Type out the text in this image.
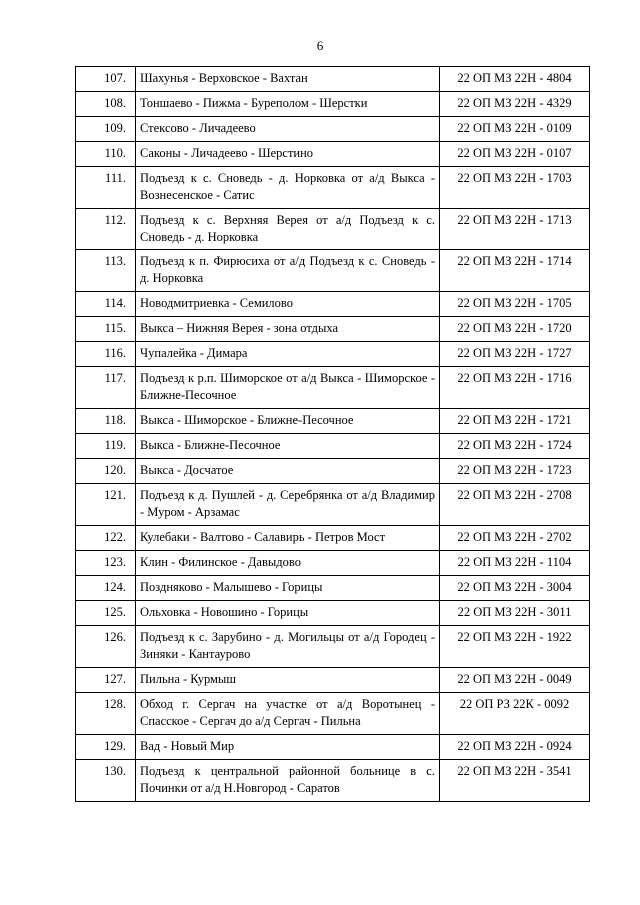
6
107.	Шахунья - Верховское - Вахтан	22 ОП МЗ 22Н - 4804
108.	Тоншаево - Пижма - Буреполом - Шерстки	22 ОП МЗ 22Н - 4329
109.	Стексово - Личадеево	22 ОП МЗ 22Н - 0109
110.	Саконы - Личадеево - Шерстино	22 ОП МЗ 22Н - 0107
111.	Подъезд к с. Сноведь - д. Норковка от а/д Выкса - Вознесенское - Сатис	22 ОП МЗ 22Н - 1703
112.	Подъезд к с. Верхняя Верея от а/д Подъезд к с. Сноведь - д. Норковка	22 ОП МЗ 22Н - 1713
113.	Подъезд к п. Фирюсиха от а/д Подъезд к с. Сноведь - д. Норковка	22 ОП МЗ 22Н - 1714
114.	Новодмитриевка - Семилово	22 ОП МЗ 22Н - 1705
115.	Выкса – Нижняя Верея - зона отдыха	22 ОП МЗ 22Н - 1720
116.	Чупалейка - Димара	22 ОП МЗ 22Н - 1727
117.	Подъезд к р.п. Шиморское от а/д Выкса - Шиморское - Ближне-Песочное	22 ОП МЗ 22Н - 1716
118.	Выкса - Шиморское - Ближне-Песочное	22 ОП МЗ 22Н - 1721
119.	Выкса - Ближне-Песочное	22 ОП МЗ 22Н - 1724
120.	Выкса - Досчатое	22 ОП МЗ 22Н - 1723
121.	Подъезд к д. Пушлей - д. Серебрянка от а/д Владимир - Муром - Арзамас	22 ОП МЗ 22Н - 2708
122.	Кулебаки - Валтово - Салавирь - Петров Мост	22 ОП МЗ 22Н - 2702
123.	Клин - Филинское - Давыдово	22 ОП МЗ 22Н - 1104
124.	Поздняково - Малышево - Горицы	22 ОП МЗ 22Н - 3004
125.	Ольховка - Новошино - Горицы	22 ОП МЗ 22Н - 3011
126.	Подъезд к с. Зарубино - д. Могильцы от а/д Городец - Зиняки - Кантаурово	22 ОП МЗ 22Н - 1922
127.	Пильна - Курмыш	22 ОП МЗ 22Н - 0049
128.	Обход г. Сергач на участке от а/д Воротынец - Спасское - Сергач до а/д Сергач - Пильна	22 ОП РЗ 22К - 0092
129.	Вад - Новый Мир	22 ОП МЗ 22Н - 0924
130.	Подъезд к центральной районной больнице в с. Починки от а/д Н.Новгород - Саратов	22 ОП МЗ 22Н - 3541
